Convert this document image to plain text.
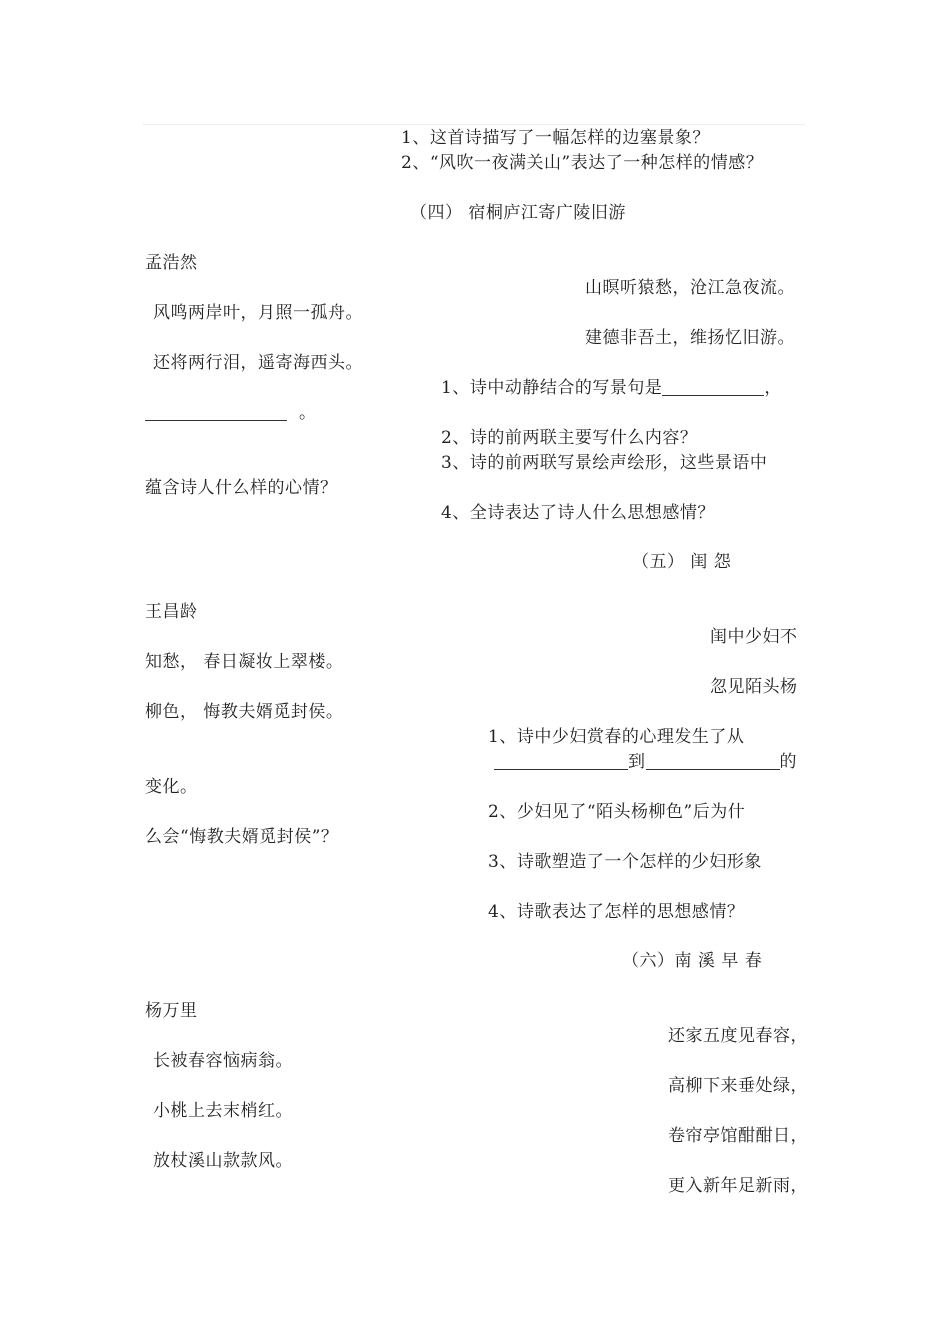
1、这首诗描写了一幅怎样的边塞景象？
2、“风吹一夜满关山”表达了一种怎样的情感？
（四） 宿桐庐江寄广陵旧游
孟浩然
山暝听猿愁，沧江急夜流。
风鸣两岸叶，月照一孤舟。
建德非吾土，维扬忆旧游。
还将两行泪，遥寄海西头。
1、诗中动静结合的写景句是	，
。
2、诗的前两联主要写什么内容？
3、诗的前两联写景绘声绘形，这些景语中
蕴含诗人什么样的心情？
4、全诗表达了诗人什么思想感情？
（五） 闺 怨
王昌龄
闺中少妇不
知愁， 春日凝妆上翠楼。
忽见陌头杨
柳色， 悔教夫婿觅封侯。
1、诗中少妇赏春的心理发生了从
到	的
变化。
2、少妇见了“陌头杨柳色”后为什
么会“悔教夫婿觅封侯”？
3、诗歌塑造了一个怎样的少妇形象
4、诗歌表达了怎样的思想感情？
（六）南 溪 早 春
杨万里
还家五度见春容，
长被春容恼病翁。
高柳下来垂处绿，
小桃上去末梢红。
卷帘亭馆酣酣日，
放杖溪山款款风。
更入新年足新雨，
